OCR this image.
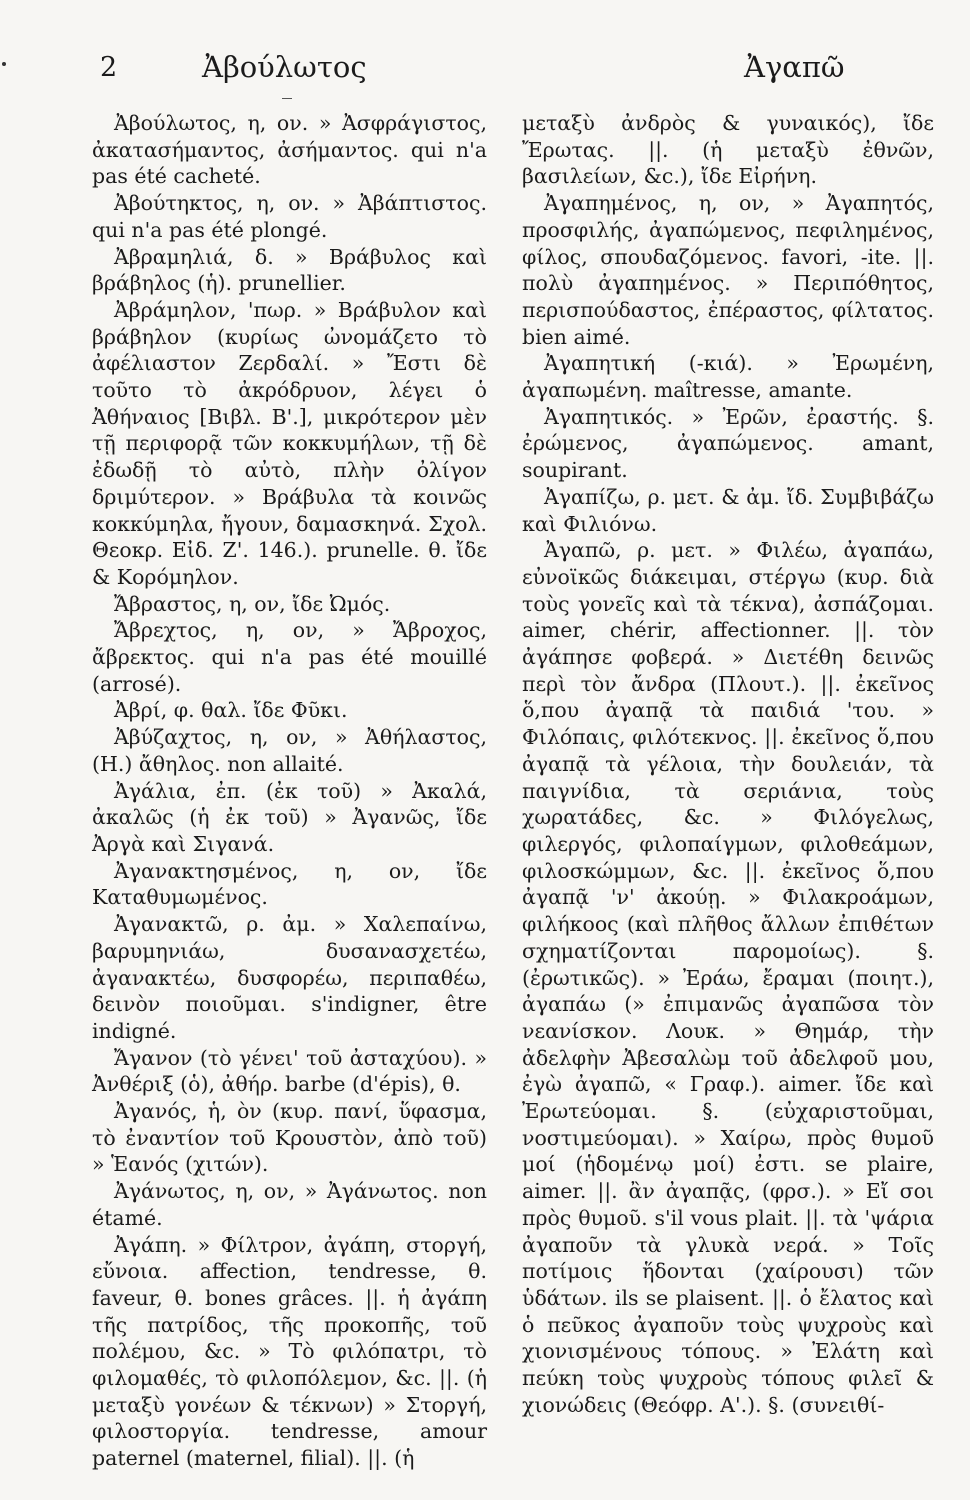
2	Ἀβούλωτος	Ἀγαπῶ

Ἀβούλωτος, η, ον. » Ἀσφράγιστος, ἀκατασήμαντος, ἀσήμαντος. qui n'a pas été cacheté.

Ἀβούτηκτος, η, ον. » Ἀβάπτιστος. qui n'a pas été plongé.

Ἀβραμηλιά, δ. » Βράβυλος καὶ βράβηλος (ἡ). prunellier.

Ἀβράμηλον, 'πωρ. » Βράβυλον καὶ βράβηλον (κυρίως ὠνομάζετο τὸ ἀφέλιαστον Ζερδαλί. » Ἔστι δὲ τοῦτο τὸ ἀκρόδρυον, λέγει ὁ Ἀθήναιος [Βιβλ. Β'.], μικρότερον μὲν τῇ περιφορᾷ τῶν κοκκυμήλων, τῇ δὲ ἐδωδῇ τὸ αὐτὸ, πλὴν ὀλίγον δριμύτερον. » Βράβυλα τὰ κοινῶς κοκκύμηλα, ἤγουν, δαμασκηνά. Σχολ. Θεοκρ. Εἰδ. Ζ'. 146.). prunelle. θ. ἴδε & Κορόμηλον.

Ἄβραστος, η, ον, ἴδε Ὠμός.

Ἄβρεχτος, η, ον, » Ἄβροχος, ἄβρεκτος. qui n'a pas été mouillé (arrosé).

Ἀβρί, φ. θαλ. ἴδε Φῦκι.

Ἀβύζαχτος, η, ον, » Ἀθήλαστος, (Η.) ἄθηλος. non allaité.

Ἀγάλια, ἐπ. (ἐκ τοῦ) » Ἀκαλά, ἀκαλῶς (ἡ ἐκ τοῦ) » Ἀγανῶς, ἴδε Ἀργὰ καὶ Σιγανά.

Ἀγανακτησμένος, η, ον, ἴδε Καταθυμωμένος.

Ἀγανακτῶ, ρ. ἀμ. » Χαλεπαίνω, βαρυμηνιάω, δυσανασχετέω, ἀγανακτέω, δυσφορέω, περιπαθέω, δεινὸν ποιοῦμαι. s'indigner, être indigné.

Ἄγανον (τὸ γένει' τοῦ ἀσταχύου). » Ἀνθέριξ (ὁ), ἀθήρ. barbe (d'épis), θ.

Ἀγανός, ἡ, ὸν (κυρ. πανί, ὕφασμα, τὸ ἐναντίον τοῦ Κρουστὸν, ἀπὸ τοῦ) » Ἑανός (χιτών).

Ἀγάνωτος, η, ον, » Ἀγάνωτος. non étamé.

Ἀγάπη. » Φίλτρον, ἀγάπη, στοργή, εὔνοια. affection, tendresse, θ. faveur, θ. bones grâces. ||. ἡ ἀγάπη τῆς πατρίδος, τῆς προκοπῆς, τοῦ πολέμου, &c. » Τὸ φιλόπατρι, τὸ φιλομαθές, τὸ φιλοπόλεμον, &c. ||. (ἡ μεταξὺ γονέων & τέκνων) » Στοργή, φιλοστοργία. tendresse, amour paternel (maternel, filial). ||. (ἡ

μεταξὺ ἀνδρὸς & γυναικός), ἴδε Ἔρωτας. ||. (ἡ μεταξὺ ἐθνῶν, βασιλείων, &c.), ἴδε Εἰρήνη.

Ἀγαπημένος, η, ον, » Ἀγαπητός, προσφιλής, ἀγαπώμενος, πεφιλημένος, φίλος, σπουδαζόμενος. favori, -ite. ||. πολὺ ἀγαπημένος. » Περιπόθητος, περισπούδαστος, ἐπέραστος, φίλτατος. bien aimé.

Ἀγαπητική (-κιά). » Ἐρωμένη, ἀγαπωμένη. maîtresse, amante.

Ἀγαπητικός. » Ἐρῶν, ἐραστής. §. ἐρώμενος, ἀγαπώμενος. amant, soupirant.

Ἀγαπίζω, ρ. μετ. & ἀμ. ἴδ. Συμβιβάζω καὶ Φιλιόνω.

Ἀγαπῶ, ρ. μετ. » Φιλέω, ἀγαπάω, εὐνοϊκῶς διάκειμαι, στέργω (κυρ. διὰ τοὺς γονεῖς καὶ τὰ τέκνα), ἀσπάζομαι. aimer, chérir, affectionner. ||. τὸν ἀγάπησε φοβερά. » Διετέθη δεινῶς περὶ τὸν ἄνδρα (Πλουτ.). ||. ἐκεῖνος ὅ,που ἀγαπᾷ τὰ παιδιά 'του. » Φιλόπαις, φιλότεκνος. ||. ἐκεῖνος ὅ,που ἀγαπᾷ τὰ γέλοια, τὴν δουλειάν, τὰ παιγνίδια, τὰ σεριάνια, τοὺς χωρατάδες, &c. » Φιλόγελως, φιλεργός, φιλοπαίγμων, φιλοθεάμων, φιλοσκώμμων, &c. ||. ἐκεῖνος ὅ,που ἀγαπᾷ 'ν' ἀκούῃ. » Φιλακροάμων, φιλήκοος (καὶ πλῆθος ἄλλων ἐπιθέτων σχηματίζονται παρομοίως). §. (ἐρωτικῶς). » Ἐράω, ἔραμαι (ποιητ.), ἀγαπάω (» ἐπιμανῶς ἀγαπῶσα τὸν νεανίσκον. Λουκ. » Θημάρ, τὴν ἀδελφὴν Ἀβεσαλὼμ τοῦ ἀδελφοῦ μου, ἐγὼ ἀγαπῶ, « Γραφ.). aimer. ἴδε καὶ Ἐρωτεύομαι. §. (εὐχαριστοῦμαι, νοστιμεύομαι). » Χαίρω, πρὸς θυμοῦ μοί (ἡδομένῳ μοί) ἐστι. se plaire, aimer. ||. ἂν ἀγαπᾷς, (φρσ.). » Εἴ σοι πρὸς θυμοῦ. s'il vous plait. ||. τὰ 'ψάρια ἀγαποῦν τὰ γλυκὰ νερά. » Τοῖς ποτίμοις ἥδονται (χαίρουσι) τῶν ὑδάτων. ils se plaisent. ||. ὁ ἔλατος καὶ ὁ πεῦκος ἀγαποῦν τοὺς ψυχροὺς καὶ χιονισμένους τόπους. » Ἐλάτη καὶ πεύκη τοὺς ψυχροὺς τόπους φιλεῖ & χιονώδεις (Θεόφρ. Α'.). §. (συνειθί-
